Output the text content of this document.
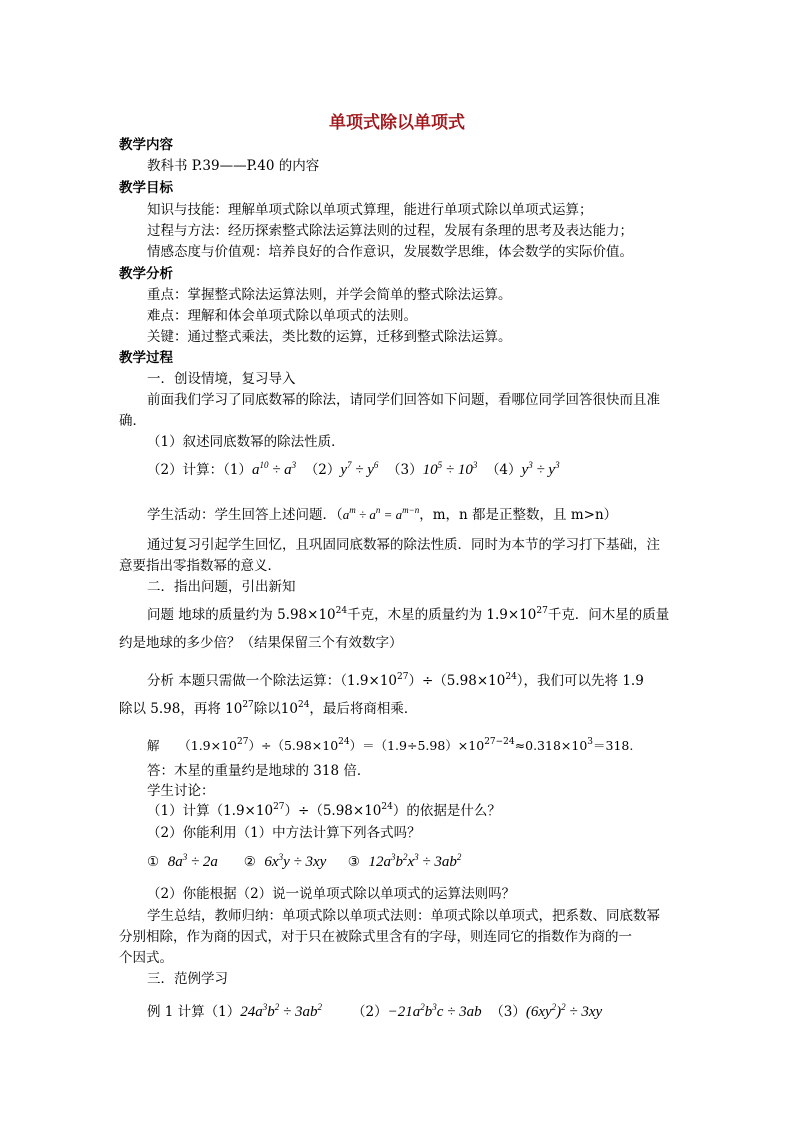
单项式除以单项式
教学内容
教科书 P.39——P.40 的内容
教学目标
知识与技能：理解单项式除以单项式算理，能进行单项式除以单项式运算；
过程与方法：经历探索整式除法运算法则的过程，发展有条理的思考及表达能力；
情感态度与价值观：培养良好的合作意识，发展数学思维，体会数学的实际价值。
教学分析
重点：掌握整式除法运算法则，并学会简单的整式除法运算。
难点：理解和体会单项式除以单项式的法则。
关键：通过整式乘法，类比数的运算，迁移到整式除法运算。
教学过程
一．创设情境，复习导入
前面我们学习了同底数幂的除法，请同学们回答如下问题，看哪位同学回答很快而且准
确．
（1）叙述同底数幂的除法性质．
（2）计算：$(1)a^{10} \div a^3$ $(2)y^7 \div y^6$ $(3)10^5 \div 10^3$ $(4)y^3 \div y^3$
学生活动：学生回答上述问题．（$a^m \div a^n = a^{m-n}$，m，n 都是正整数，且 m>n）
通过复习引起学生回忆，且巩固同底数幂的除法性质．同时为本节的学习打下基础，注
意要指出零指数幂的意义．
二．指出问题，引出新知
问题 地球的质量约为 $5.98\times 10^{24}$千克，木星的质量约为 $1.9\times 10^{27}$千克．问木星的质量
约是地球的多少倍？（结果保留三个有效数字）
分析 本题只需做一个除法运算：$(1.9\times 10^{27})\div(5.98\times 10^{24})$，我们可以先将 1.9
除以 5.98，再将 $10^{27}$除以$10^{24}$，最后将商相乘．
解　　$(1.9\times 10^{27})\div(5.98\times 10^{24})=(1.9\div 5.98)\times 10^{27-24}\approx 0.318\times 10^3=318$.
答：木星的重量约是地球的 318 倍．
学生讨论：
（1）计算$(1.9\times 10^{27})\div(5.98\times 10^{24})$的依据是什么？
（2）你能利用（1）中方法计算下列各式吗？
① $8a^3 \div 2a$ ② $6x^3y \div 3xy$ ③ $12a^3b^2x^3 \div 3ab^2$
（2）你能根据（2）说一说单项式除以单项式的运算法则吗？
学生总结，教师归纳：单项式除以单项式法则：单项式除以单项式，把系数、同底数幂
分别相除，作为商的因式，对于只在被除式里含有的字母，则连同它的指数作为商的一
个因式。
三．范例学习
例 1 计算$(1)24a^3b^2 \div 3ab^2$ $(2)-21a^2b^3c \div 3ab$ $(3)(6xy^2)^2 \div 3xy$
